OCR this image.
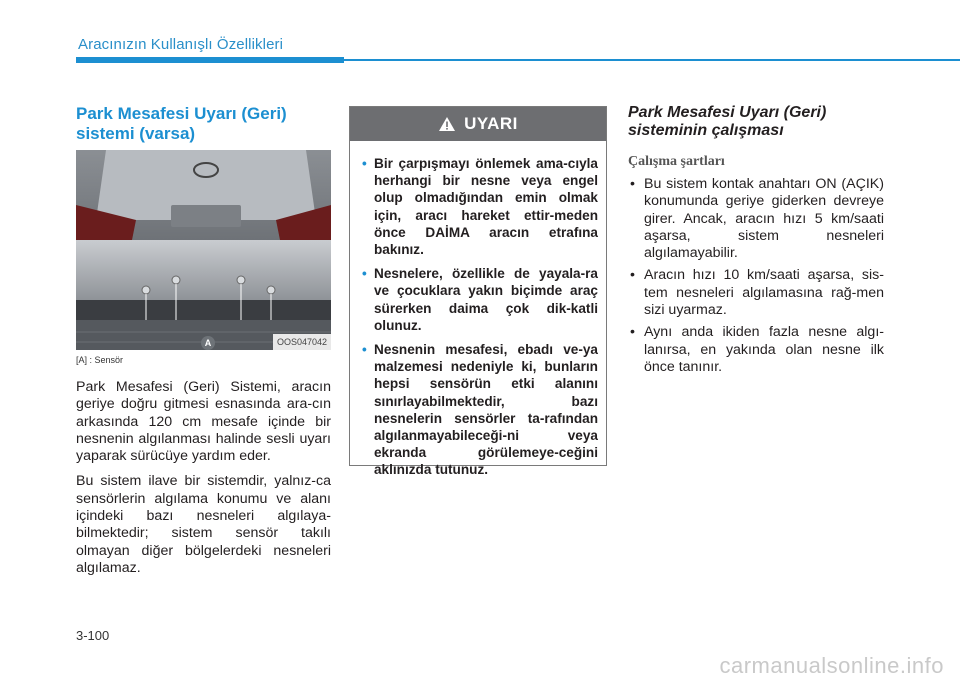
Aracınızın Kullanışlı Özellikleri

Park Mesafesi Uyarı (Geri)
sistemi (varsa)

A	OOS047042
[A] : Sensör

Park Mesafesi (Geri) Sistemi, aracın geriye doğru gitmesi esnasında ara-cın arkasında 120 cm mesafe içinde bir nesnenin algılanması halinde sesli uyarı yaparak sürücüye yardım eder.

Bu sistem ilave bir sistemdir, yalnız-ca sensörlerin algılama konumu ve alanı içindeki bazı nesneleri algılaya-bilmektedir; sistem sensör takılı olmayan diğer bölgelerdeki nesneleri algılamaz.

UYARI
• Bir çarpışmayı önlemek ama-cıyla herhangi bir nesne veya engel olup olmadığından emin olmak için, aracı hareket ettir-meden önce DAİMA aracın etrafına bakınız.
• Nesnelere, özellikle de yayala-ra ve çocuklara yakın biçimde araç sürerken daima çok dik-katli olunuz.
• Nesnenin mesafesi, ebadı ve-ya malzemesi nedeniyle ki, bunların hepsi sensörün etki alanını sınırlayabilmektedir, bazı nesnelerin sensörler ta-rafından algılanmayabileceği-ni veya ekranda görülemeye-ceğini aklınızda tutunuz.

Park Mesafesi Uyarı (Geri)
sisteminin çalışması

Çalışma şartları
• Bu sistem kontak anahtarı ON (AÇIK) konumunda geriye giderken devreye girer. Ancak, aracın hızı 5 km/saati aşarsa, sistem nesneleri algılamayabilir.
• Aracın hızı 10 km/saati aşarsa, sis-tem nesneleri algılamasına rağ-men sizi uyarmaz.
• Aynı anda ikiden fazla nesne algı-lanırsa, en yakında olan nesne ilk önce tanınır.
3-100
carmanualsonline.info
